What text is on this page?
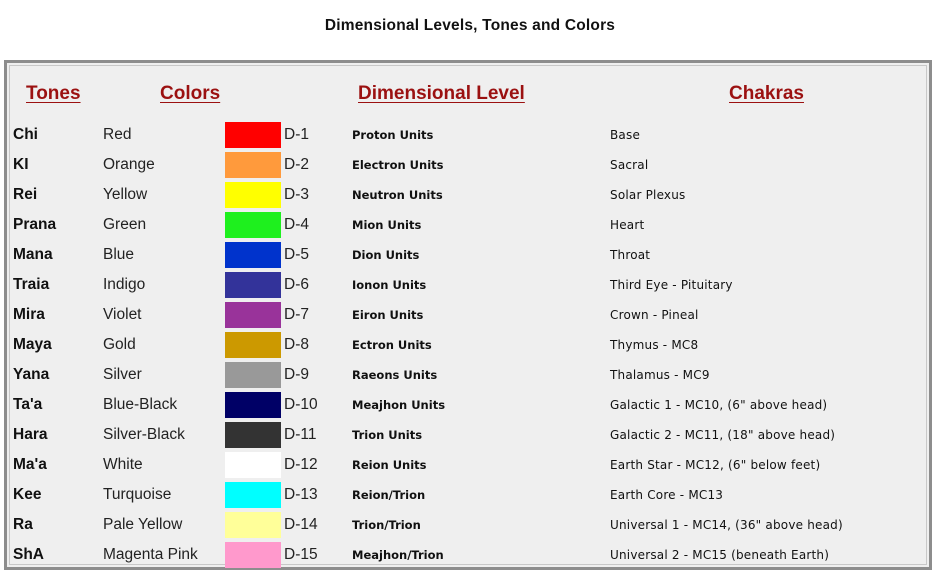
Dimensional Levels, Tones and Colors
Tones	Colors	Dimensional Level	Chakras
Chi	Red	D-1	Proton Units	Base
KI	Orange	D-2	Electron Units	Sacral
Rei	Yellow	D-3	Neutron Units	Solar Plexus
Prana	Green	D-4	Mion Units	Heart
Mana	Blue	D-5	Dion Units	Throat
Traia	Indigo	D-6	Ionon Units	Third Eye - Pituitary
Mira	Violet	D-7	Eiron Units	Crown - Pineal
Maya	Gold	D-8	Ectron Units	Thymus - MC8
Yana	Silver	D-9	Raeons Units	Thalamus - MC9
Ta'a	Blue-Black	D-10	Meajhon Units	Galactic 1 - MC10, (6" above head)
Hara	Silver-Black	D-11	Trion Units	Galactic 2 - MC11, (18" above head)
Ma'a	White	D-12	Reion Units	Earth Star - MC12, (6" below feet)
Kee	Turquoise	D-13	Reion/Trion	Earth Core - MC13
Ra	Pale Yellow	D-14	Trion/Trion	Universal 1 - MC14, (36" above head)
ShA	Magenta Pink	D-15	Meajhon/Trion	Universal 2 - MC15 (beneath Earth)
